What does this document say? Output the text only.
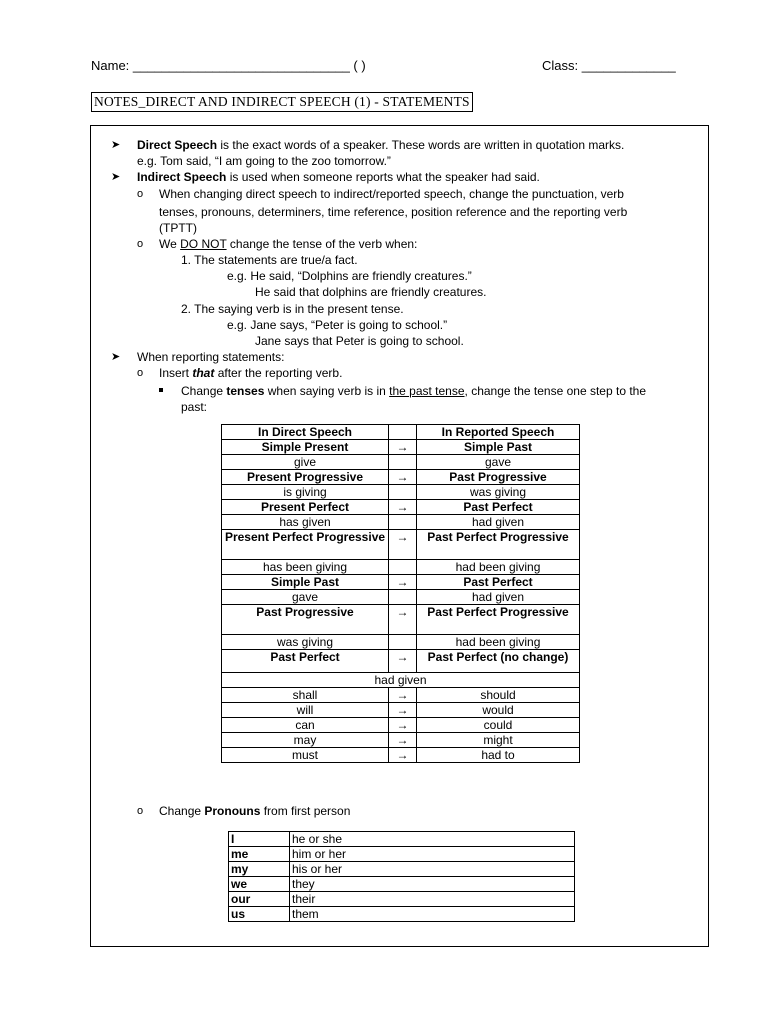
Name: ______________________________ ( )	Class: _____________
NOTES_DIRECT AND INDIRECT SPEECH (1) - STATEMENTS
➤ Direct Speech is the exact words of a speaker. These words are written in quotation marks.
e.g. Tom said, “I am going to the zoo tomorrow.”
➤ Indirect Speech is used when someone reports what the speaker had said.
o When changing direct speech to indirect/reported speech, change the punctuation, verb
tenses, pronouns, determiners, time reference, position reference and the reporting verb
(TPTT)
o We DO NOT change the tense of the verb when:
1. The statements are true/a fact.
e.g. He said, “Dolphins are friendly creatures.”
He said that dolphins are friendly creatures.
2. The saying verb is in the present tense.
e.g. Jane says, “Peter is going to school.”
Jane says that Peter is going to school.
➤ When reporting statements:
o Insert that after the reporting verb.
Change tenses when saying verb is in the past tense, change the tense one step to the
past:
In Direct Speech		In Reported Speech
Simple Present	→	Simple Past
give		gave
Present Progressive	→	Past Progressive
is giving		was giving
Present Perfect	→	Past Perfect
has given		had given
Present Perfect Progressive	→	Past Perfect Progressive
has been giving		had been giving
Simple Past	→	Past Perfect
gave		had given
Past Progressive	→	Past Perfect Progressive
was giving		had been giving
Past Perfect	→	Past Perfect (no change)
had given		
shall	→	should
will	→	would
can	→	could
may	→	might
must	→	had to
o Change Pronouns from first person
I	he or she
me	him or her
my	his or her
we	they
our	their
us	them
